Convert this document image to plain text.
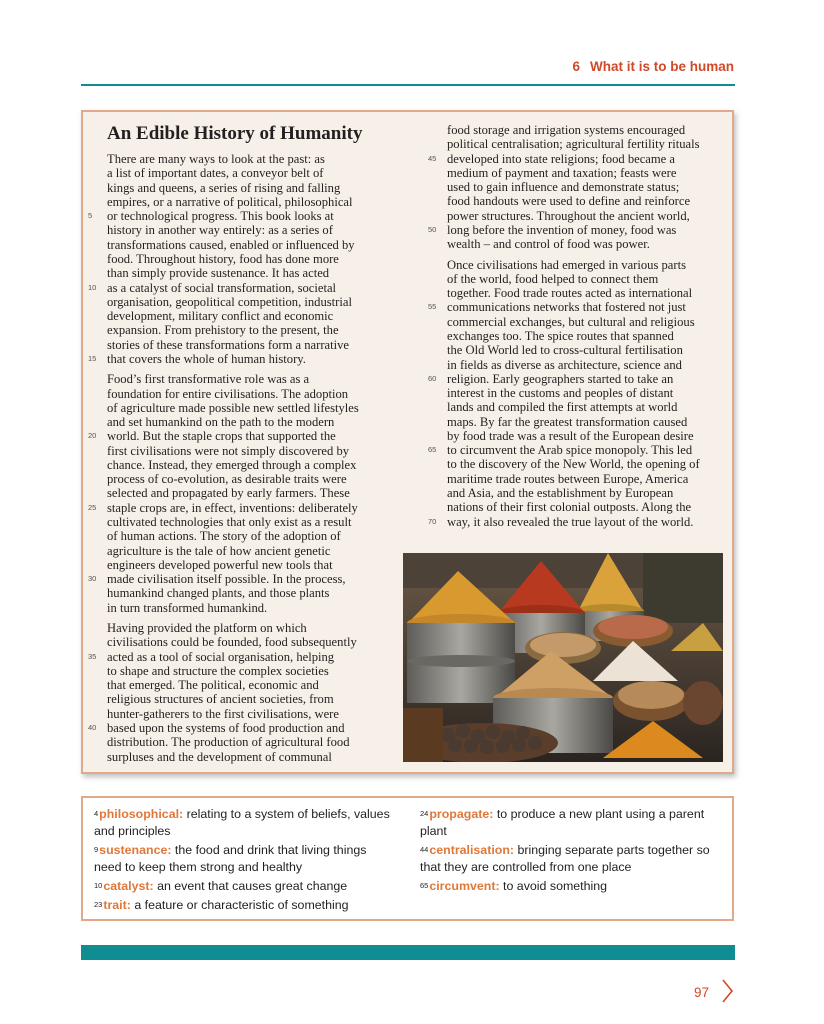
6 What it is to be human
An Edible History of Humanity
There are many ways to look at the past: as
a list of important dates, a conveyor belt of
kings and queens, a series of rising and falling
empires, or a narrative of political, philosophical
5	or technological progress. This book looks at
history in another way entirely: as a series of
transformations caused, enabled or influenced by
food. Throughout history, food has done more
than simply provide sustenance. It has acted
10 as a catalyst of social transformation, societal
organisation, geopolitical competition, industrial
development, military conflict and economic
expansion. From prehistory to the present, the
stories of these transformations form a narrative
15 that covers the whole of human history.
Food’s first transformative role was as a
foundation for entire civilisations. The adoption
of agriculture made possible new settled lifestyles
and set humankind on the path to the modern
20 world. But the staple crops that supported the
first civilisations were not simply discovered by
chance. Instead, they emerged through a complex
process of co-evolution, as desirable traits were
selected and propagated by early farmers. These
25 staple crops are, in effect, inventions: deliberately
cultivated technologies that only exist as a result
of human actions. The story of the adoption of
agriculture is the tale of how ancient genetic
engineers developed powerful new tools that
30 made civilisation itself possible. In the process,
humankind changed plants, and those plants
in turn transformed humankind.
Having provided the platform on which
civilisations could be founded, food subsequently
35 acted as a tool of social organisation, helping
to shape and structure the complex societies
that emerged. The political, economic and
religious structures of ancient societies, from
hunter-gatherers to the first civilisations, were
40 based upon the systems of food production and
distribution. The production of agricultural food
surpluses and the development of communal
food storage and irrigation systems encouraged
political centralisation; agricultural fertility rituals
45 developed into state religions; food became a
medium of payment and taxation; feasts were
used to gain influence and demonstrate status;
food handouts were used to define and reinforce
power structures. Throughout the ancient world,
50 long before the invention of money, food was
wealth – and control of food was power.
Once civilisations had emerged in various parts
of the world, food helped to connect them
together. Food trade routes acted as international
55 communications networks that fostered not just
commercial exchanges, but cultural and religious
exchanges too. The spice routes that spanned
the Old World led to cross-cultural fertilisation
in fields as diverse as architecture, science and
60 religion. Early geographers started to take an
interest in the customs and peoples of distant
lands and compiled the first attempts at world
maps. By far the greatest transformation caused
by food trade was a result of the European desire
65 to circumvent the Arab spice monopoly. This led
to the discovery of the New World, the opening of
maritime trade routes between Europe, America
and Asia, and the establishment by European
nations of their first colonial outposts. Along the
70 way, it also revealed the true layout of the world.
$^4$philosophical: relating to a system of beliefs, values and principles
$^9$sustenance: the food and drink that living things need to keep them strong and healthy
$^{10}$catalyst: an event that causes great change
$^{23}$trait: a feature or characteristic of something
$^{24}$propagate: to produce a new plant using a parent plant
$^{44}$centralisation: bringing separate parts together so that they are controlled from one place
$^{65}$circumvent: to avoid something
97
